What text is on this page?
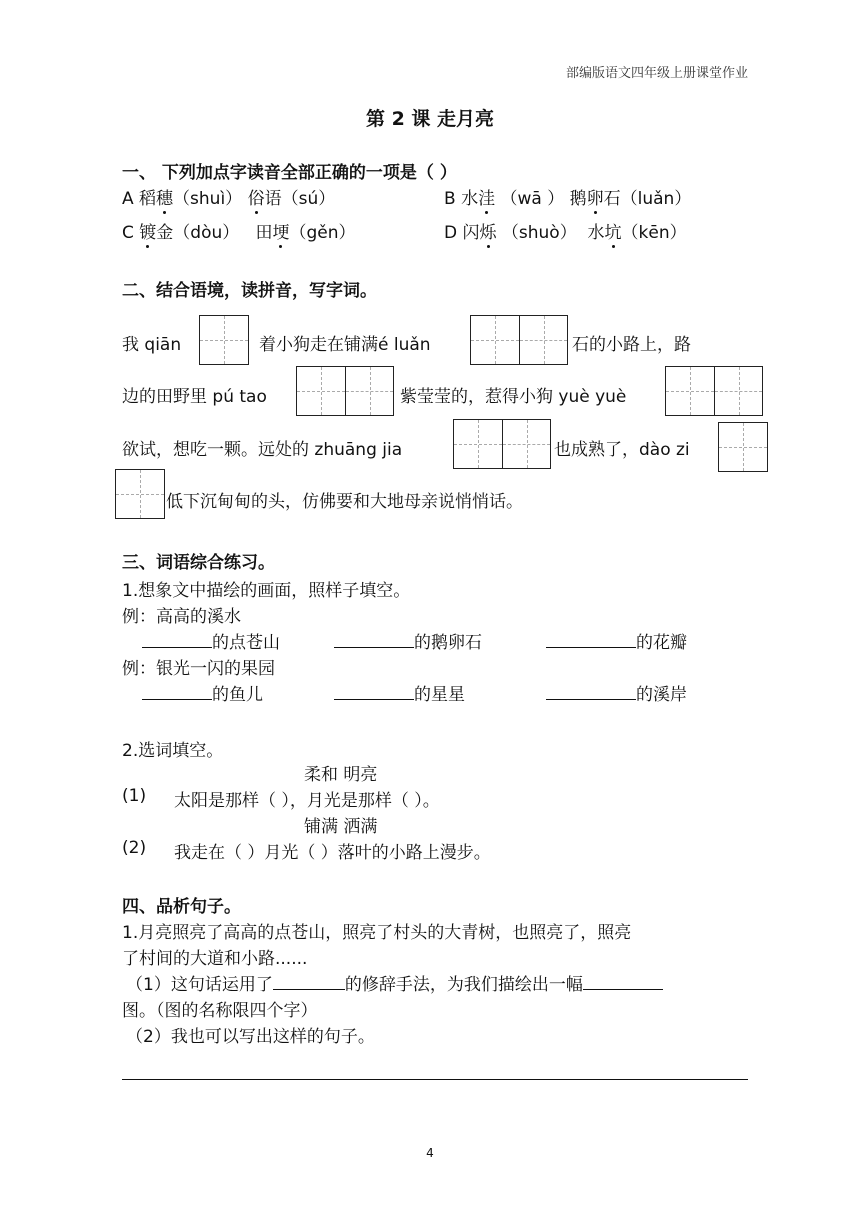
部编版语文四年级上册课堂作业
第 2 课 走月亮
一、 下列加点字读音全部正确的一项是（ ）
A 稻穗（shuì） 俗语（sú）	B 水洼 （wā ） 鹅卵石（luǎn）
C 镀金（dòu） 田埂（gěn）	D 闪烁 （shuò） 水坑（kēn）
二、结合语境，读拼音，写字词。
我 qiān	着小狗走在铺满é luǎn	石的小路上，路
边的田野里 pú tao	紫莹莹的，惹得小狗 yuè yuè
欲试，想吃一颗。远处的 zhuāng jia	也成熟了，dào zi
低下沉甸甸的头，仿佛要和大地母亲说悄悄话。
三、词语综合练习。
1.想象文中描绘的画面，照样子填空。
例：高高的溪水
的点苍山	的鹅卵石	的花瓣
例：银光一闪的果园
的鱼儿	的星星	的溪岸
2.选词填空。
柔和 明亮
(1) 太阳是那样（ ），月光是那样（ ）。
铺满 洒满
(2) 我走在（ ）月光（ ）落叶的小路上漫步。
四、品析句子。
1.月亮照亮了高高的点苍山，照亮了村头的大青树，也照亮了，照亮
了村间的大道和小路......
（1）这句话运用了	的修辞手法，为我们描绘出一幅
图。（图的名称限四个字）
（2）我也可以写出这样的句子。
4
